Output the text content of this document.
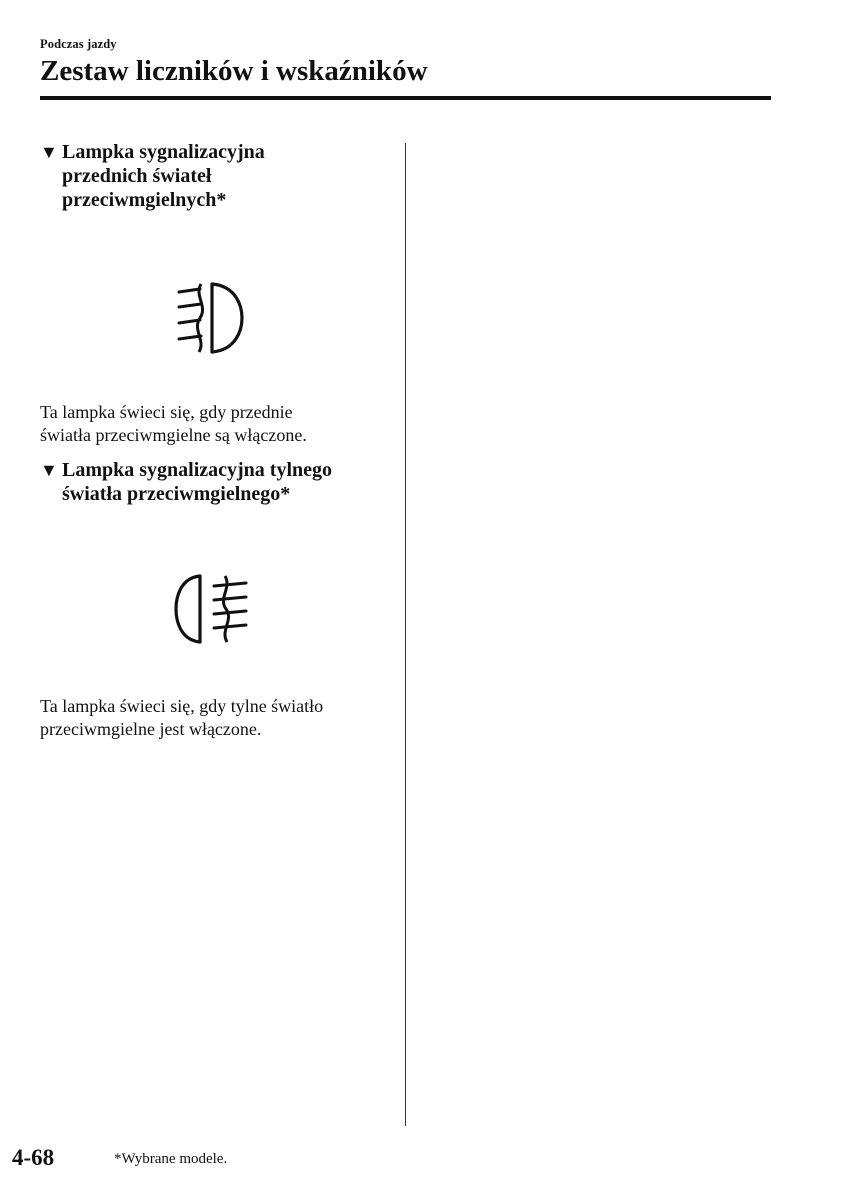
Podczas jazdy
Zestaw liczników i wskaźników
▼ Lampka sygnalizacyjna
przednich świateł
przeciwmgielnych*
Ta lampka świeci się, gdy przednie
światła przeciwmgielne są włączone.
▼ Lampka sygnalizacyjna tylnego
światła przeciwmgielnego*
Ta lampka świeci się, gdy tylne światło
przeciwmgielne jest włączone.
4-68	*Wybrane modele.
